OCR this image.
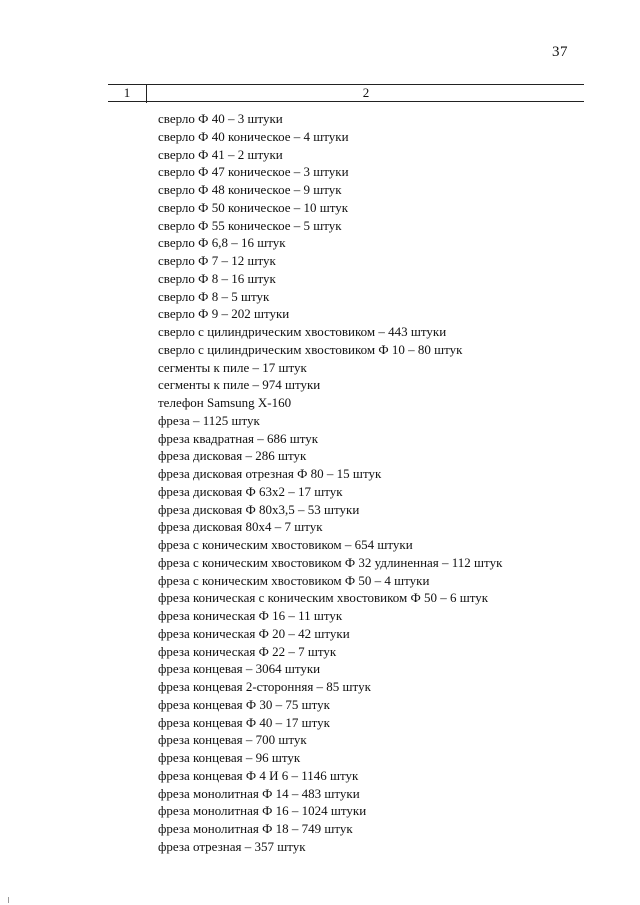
37
1	2
сверло Ф 40 – 3 штуки
сверло Ф 40 коническое – 4 штуки
сверло Ф 41 – 2 штуки
сверло Ф 47 коническое – 3 штуки
сверло Ф 48 коническое – 9 штук
сверло Ф 50 коническое – 10 штук
сверло Ф 55 коническое – 5 штук
сверло Ф 6,8 – 16 штук
сверло Ф 7 – 12 штук
сверло Ф 8 – 16 штук
сверло Ф 8 – 5 штук
сверло Ф 9 – 202 штуки
сверло с цилиндрическим хвостовиком – 443 штуки
сверло с цилиндрическим хвостовиком Ф 10 – 80 штук
сегменты к пиле – 17 штук
сегменты к пиле – 974 штуки
телефон Samsung X-160
фреза – 1125 штук
фреза квадратная – 686 штук
фреза дисковая – 286 штук
фреза дисковая отрезная Ф 80 – 15 штук
фреза дисковая Ф 63х2 – 17 штук
фреза дисковая Ф 80х3,5 – 53 штуки
фреза дисковая 80х4 – 7 штук
фреза с коническим хвостовиком – 654 штуки
фреза с коническим хвостовиком Ф 32 удлиненная – 112 штук
фреза с коническим хвостовиком Ф 50 – 4 штуки
фреза коническая с коническим хвостовиком Ф 50 – 6 штук
фреза коническая Ф 16 – 11 штук
фреза коническая Ф 20 – 42 штуки
фреза коническая Ф 22 – 7 штук
фреза концевая – 3064 штуки
фреза концевая 2-сторонняя – 85 штук
фреза концевая Ф 30 – 75 штук
фреза концевая Ф 40 – 17 штук
фреза концевая – 700 штук
фреза концевая – 96 штук
фреза концевая Ф 4 И 6 – 1146 штук
фреза монолитная Ф 14 – 483 штуки
фреза монолитная Ф 16 – 1024 штуки
фреза монолитная Ф 18 – 749 штук
фреза отрезная – 357 штук
